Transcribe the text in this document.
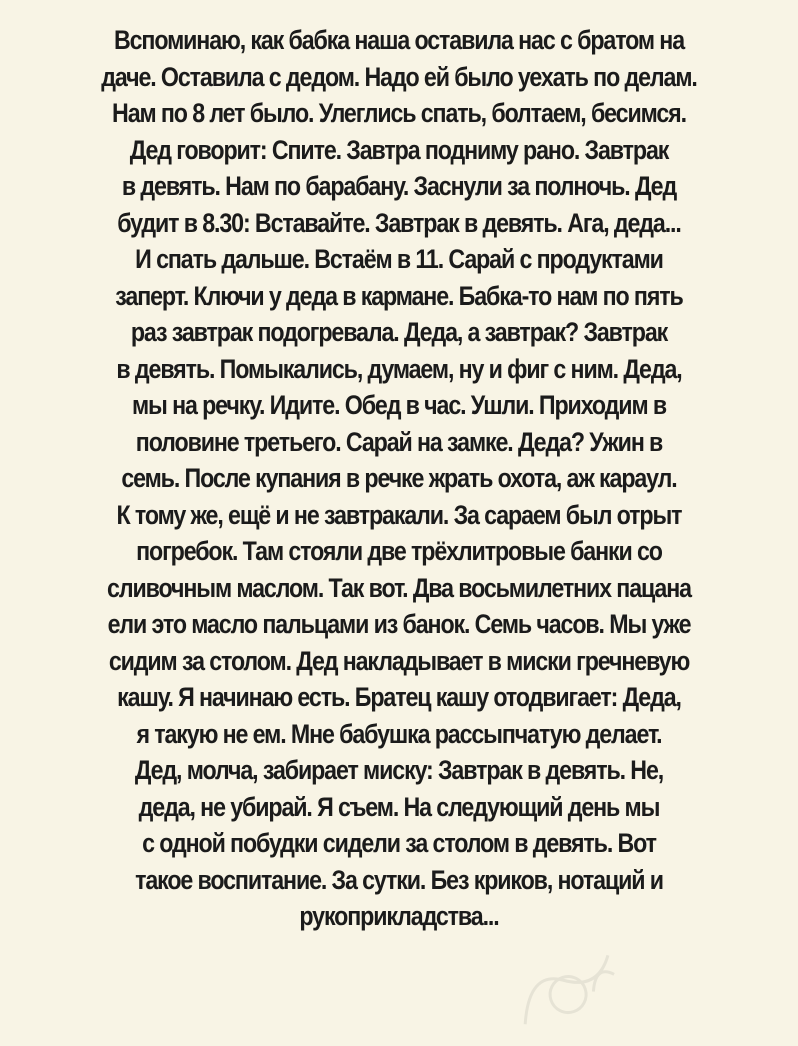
Вспоминаю, как бабка наша оставила нас с братом на
даче. Оставила с дедом. Надо ей было уехать по делам.
Нам по 8 лет было. Улеглись спать, болтаем, бесимся.
Дед говорит: Спите. Завтра подниму рано. Завтрак
в девять. Нам по барабану. Заснули за полночь. Дед
будит в 8.30: Вставайте. Завтрак в девять. Ага, деда...
И спать дальше. Встаём в 11. Сарай с продуктами
заперт. Ключи у деда в кармане. Бабка-то нам по пять
раз завтрак подогревала. Деда, а завтрак? Завтрак
в девять. Помыкались, думаем, ну и фиг с ним. Деда,
мы на речку. Идите. Обед в час. Ушли. Приходим в
половине третьего. Сарай на замке. Деда? Ужин в
семь. После купания в речке жрать охота, аж караул.
К тому же, ещё и не завтракали. За сараем был отрыт
погребок. Там стояли две трёхлитровые банки со
сливочным маслом. Так вот. Два восьмилетних пацана
ели это масло пальцами из банок. Семь часов. Мы уже
сидим за столом. Дед накладывает в миски гречневую
кашу. Я начинаю есть. Братец кашу отодвигает: Деда,
я такую не ем. Мне бабушка рассыпчатую делает.
Дед, молча, забирает миску: Завтрак в девять. Не,
деда, не убирай. Я съем. На следующий день мы
с одной побудки сидели за столом в девять. Вот
такое воспитание. За сутки. Без криков, нотаций и
рукоприкладства...
